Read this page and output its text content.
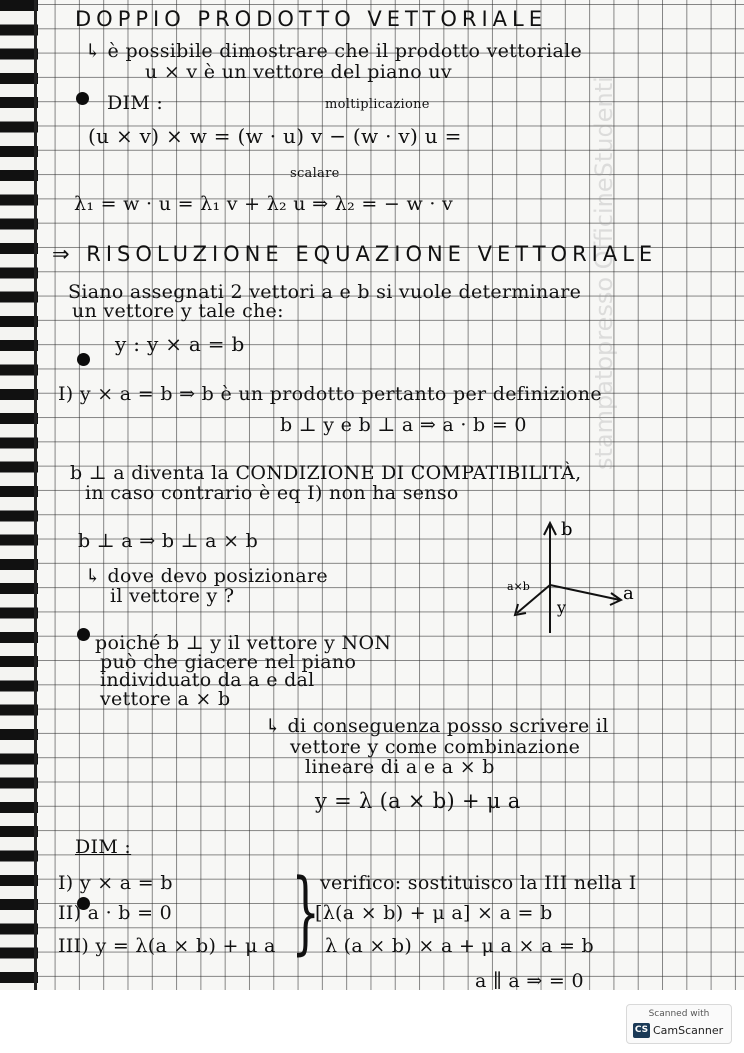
stampatopresso OfficineStudenti
DOPPIO PRODOTTO VETTORIALE
↳ è possibile dimostrare che il prodotto vettoriale
u × v è un vettore del piano uv
DIM :	moltiplicazione
(u × v) × w = (w · u) v − (w · v) u =
scalare
λ₁ = w · u = λ₁ v + λ₂ u ⇒ λ₂ = − w · v
⇒ RISOLUZIONE EQUAZIONE VETTORIALE
Siano assegnati 2 vettori a e b si vuole determinare
un vettore y tale che:
y : y × a = b
I) y × a = b ⇒ b è un prodotto pertanto per definizione
b ⊥ y e b ⊥ a ⇒ a · b = 0
b ⊥ a diventa la CONDIZIONE DI COMPATIBILITÀ,
in caso contrario è eq I) non ha senso
b ⊥ a ⇒ b ⊥ a × b
↳ dove devo posizionare
il vettore y ?
b
a×b	a
y
poiché b ⊥ y il vettore y NON
può che giacere nel piano
individuato da a e dal
vettore a × b
↳ di conseguenza posso scrivere il
vettore y come combinazione
lineare di a e a × b
y = λ (a × b) + μ a
DIM :
I) y × a = b
II) a · b = 0
III) y = λ(a × b) + μ a } verifico: sostituisco la III nella I
[λ(a × b) + μ a] × a = b
λ (a × b) × a + μ a × a = b
a ∥ a ⇒ = 0
Scanned with
CS CamScanner
